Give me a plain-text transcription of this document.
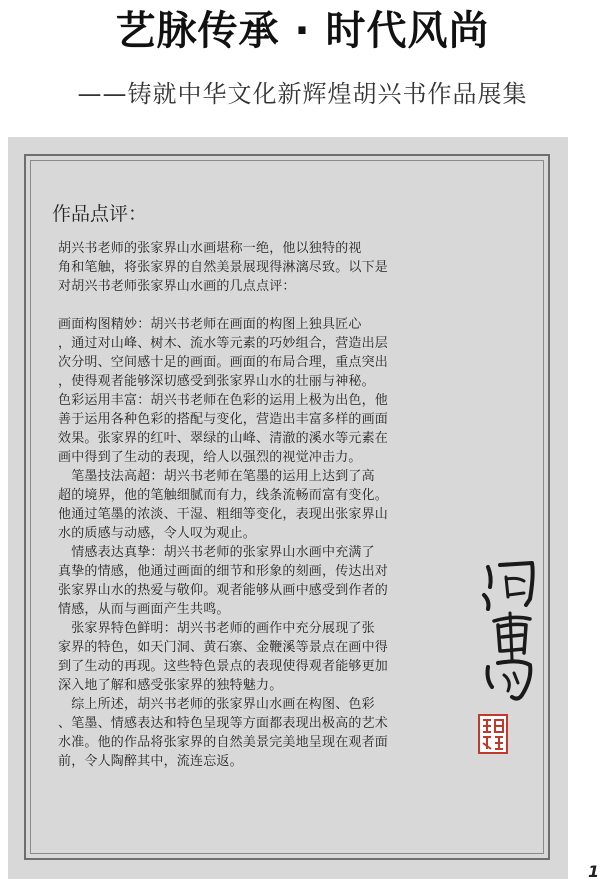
艺脉传承 · 时代风尚
——铸就中华文化新辉煌胡兴书作品展集
作品点评：

胡兴书老师的张家界山水画堪称一绝，他以独特的视
角和笔触，将张家界的自然美景展现得淋漓尽致。以下是
对胡兴书老师张家界山水画的几点点评：

画面构图精妙：胡兴书老师在画面的构图上独具匠心
，通过对山峰、树木、流水等元素的巧妙组合，营造出层
次分明、空间感十足的画面。画面的布局合理，重点突出
，使得观者能够深切感受到张家界山水的壮丽与神秘。
色彩运用丰富：胡兴书老师在色彩的运用上极为出色，他
善于运用各种色彩的搭配与变化，营造出丰富多样的画面
效果。张家界的红叶、翠绿的山峰、清澈的溪水等元素在
画中得到了生动的表现，给人以强烈的视觉冲击力。
　笔墨技法高超：胡兴书老师在笔墨的运用上达到了高
超的境界，他的笔触细腻而有力，线条流畅而富有变化。
他通过笔墨的浓淡、干湿、粗细等变化，表现出张家界山
水的质感与动感，令人叹为观止。
　情感表达真挚：胡兴书老师的张家界山水画中充满了
真挚的情感，他通过画面的细节和形象的刻画，传达出对
张家界山水的热爱与敬仰。观者能够从画中感受到作者的
情感，从而与画面产生共鸣。
　张家界特色鲜明：胡兴书老师的画作中充分展现了张
家界的特色，如天门洞、黄石寨、金鞭溪等景点在画中得
到了生动的再现。这些特色景点的表现使得观者能够更加
深入地了解和感受张家界的独特魅力。
　综上所述，胡兴书老师的张家界山水画在构图、色彩
、笔墨、情感表达和特色呈现等方面都表现出极高的艺术
水准。他的作品将张家界的自然美景完美地呈现在观者面
前，令人陶醉其中，流连忘返。

1
